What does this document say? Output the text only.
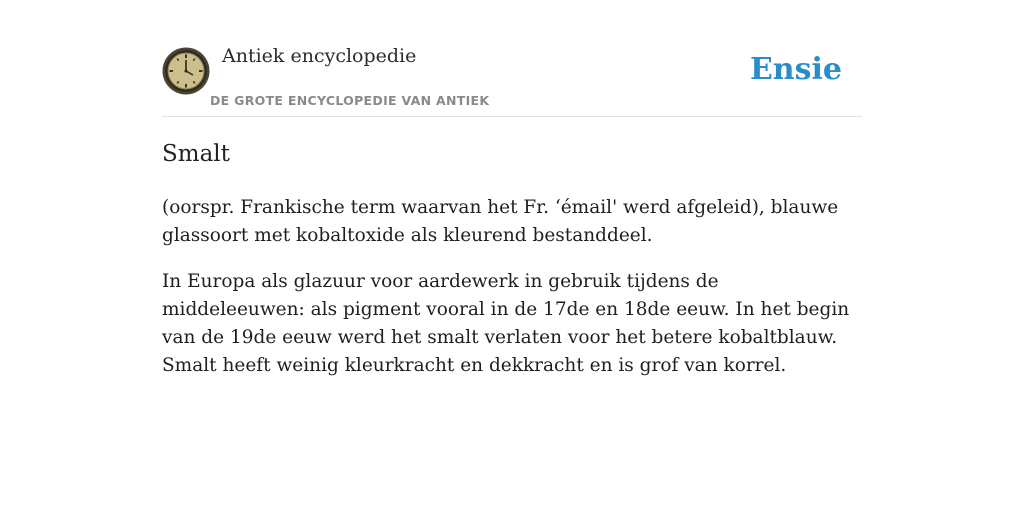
Antiek encyclopedie
DE GROTE ENCYCLOPEDIE VAN ANTIEK
Ensie
Smalt

(oorspr. Frankische term waarvan het Fr. ‘émail' werd afgeleid), blauwe glassoort met kobaltoxide als kleurend bestanddeel.

In Europa als glazuur voor aardewerk in gebruik tijdens de middeleeuwen: als pigment vooral in de 17de en 18de eeuw. In het begin van de 19de eeuw werd het smalt verlaten voor het betere kobaltblauw. Smalt heeft weinig kleurkracht en dekkracht en is grof van korrel.
